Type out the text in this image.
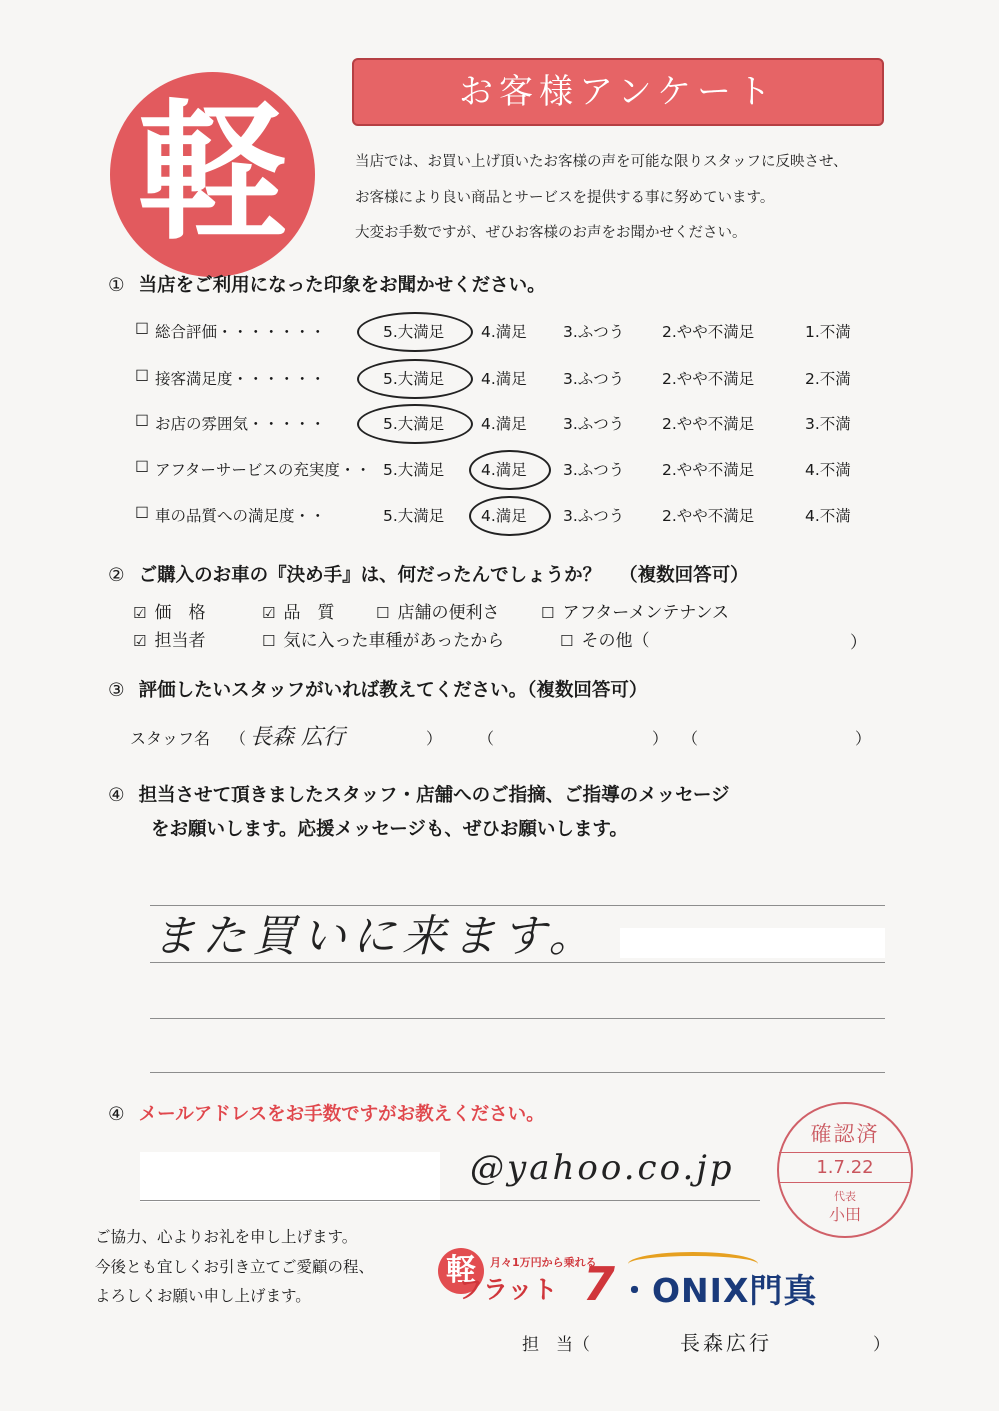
軽	お客様アンケート
当店では、お買い上げ頂いたお客様の声を可能な限りスタッフに反映させ、
お客様により良い商品とサービスを提供する事に努めています。
大変お手数ですが、ぜひお客様のお声をお聞かせください。
① 当店をご利用になった印象をお聞かせください。
☐ 総合評価・・・・・・・	5.大満足 4.満足 3.ふつう 2.やや不満足	1.不満
☐ 接客満足度・・・・・・	5.大満足 4.満足 3.ふつう 2.やや不満足	2.不満
☐ お店の雰囲気・・・・・	5.大満足 4.満足 3.ふつう 2.やや不満足	3.不満
☐ アフターサービスの充実度・・ 5.大満足 4.満足 3.ふつう 2.やや不満足	4.不満
☐ 車の品質への満足度・・	5.大満足 4.満足 3.ふつう 2.やや不満足	4.不満
② ご購入のお車の『決め手』は、何だったんでしょうか？ （複数回答可）
☑ 価　格	☑ 品　質	☐ 店舗の便利さ	☐ アフターメンテナンス
☑ 担当者	☐ 気に入った車種があったから	☐ その他（	）
③ 評価したいスタッフがいれば教えてください。（複数回答可）
スタッフ名 （ 長森 広行	） （	） （	）
④ 担当させて頂きましたスタッフ・店舗へのご指摘、ご指導のメッセージ
をお願いします。応援メッセージも、ぜひお願いします。
また買いに来ます。
④ メールアドレスをお手数ですがお教えください。
@yahoo.co.jp
確認済
1.7.22
代表
小田
ご協力、心よりお礼を申し上げます。
今後とも宜しくお引き立てご愛顧の程、
よろしくお願い申し上げます。
軽	月々1万円から乗れる
フラット 7 ・ONIX門真
担　当（	長森広行	）
